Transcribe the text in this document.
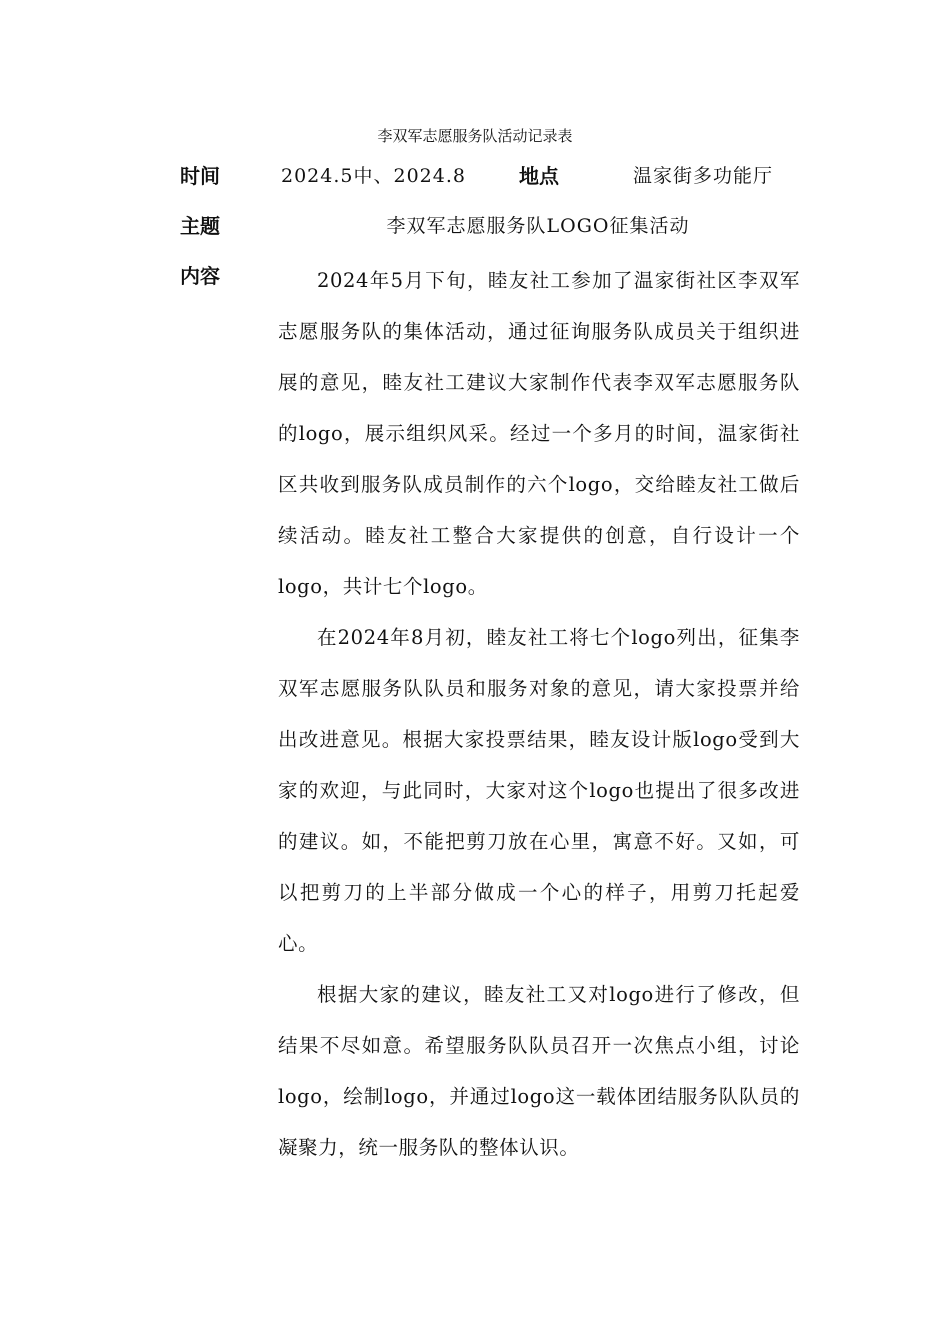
李双军志愿服务队活动记录表
时间	2024.5中、2024.8	地点	温家街多功能厅
主题	李双军志愿服务队LOGO征集活动
内容	2024年5月下旬，睦友社工参加了温家街社区李双军志愿服务队的集体活动，通过征询服务队成员关于组织进展的意见，睦友社工建议大家制作代表李双军志愿服务队的logo，展示组织风采。经过一个多月的时间，温家街社区共收到服务队成员制作的六个logo，交给睦友社工做后续活动。睦友社工整合大家提供的创意，自行设计一个logo，共计七个logo。

在2024年8月初，睦友社工将七个logo列出，征集李双军志愿服务队队员和服务对象的意见，请大家投票并给出改进意见。根据大家投票结果，睦友设计版logo受到大家的欢迎，与此同时，大家对这个logo也提出了很多改进的建议。如，不能把剪刀放在心里，寓意不好。又如，可以把剪刀的上半部分做成一个心的样子，用剪刀托起爱心。

根据大家的建议，睦友社工又对logo进行了修改，但结果不尽如意。希望服务队队员召开一次焦点小组，讨论logo，绘制logo，并通过logo这一载体团结服务队队员的凝聚力，统一服务队的整体认识。
